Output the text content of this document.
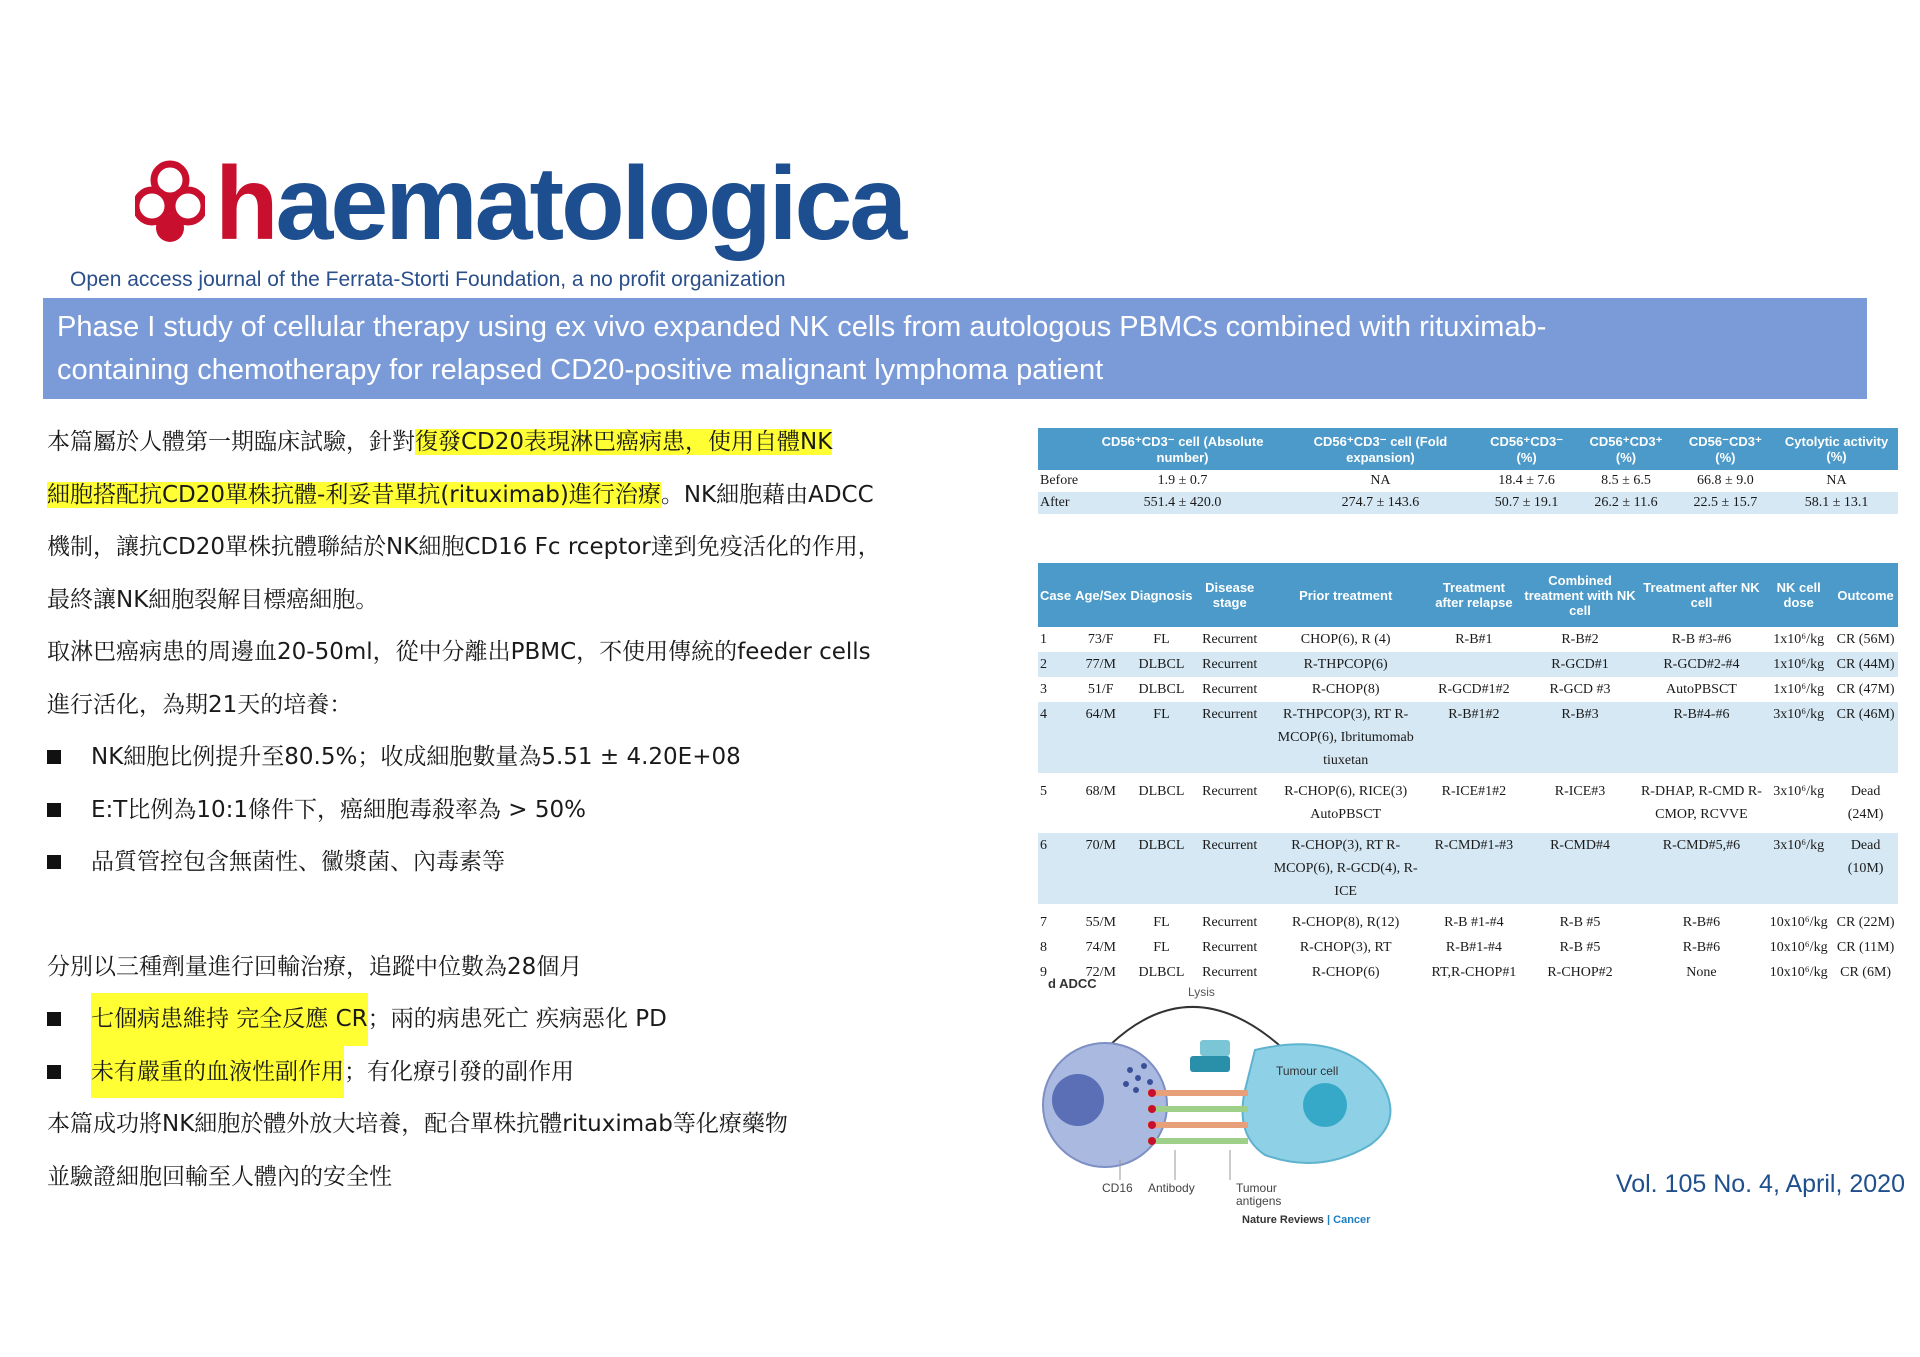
haematologica
Open access journal of the Ferrata-Storti Foundation, a no profit organization
Phase I study of cellular therapy using ex vivo expanded NK cells from autologous PBMCs combined with rituximab-
containing chemotherapy for relapsed CD20-positive malignant lymphoma patient

本篇屬於人體第一期臨床試驗，針對復發CD20表現淋巴癌病患，使用自體NK

細胞搭配抗CD20單株抗體-利妥昔單抗(rituximab)進行治療。NK細胞藉由ADCC

機制，讓抗CD20單株抗體聯結於NK細胞CD16 Fc rceptor達到免疫活化的作用，

最終讓NK細胞裂解目標癌細胞。

取淋巴癌病患的周邊血20-50ml，從中分離出PBMC，不使用傳統的feeder cells

進行活化，為期21天的培養：

NK細胞比例提升至80.5%；收成細胞數量為5.51 ± 4.20E+08

E:T比例為10:1條件下，癌細胞毒殺率為 > 50%

品質管控包含無菌性、黴漿菌、內毒素等

分別以三種劑量進行回輸治療，追蹤中位數為28個月

七個病患維持 完全反應 CR ；兩的病患死亡 疾病惡化 PD

未有嚴重的血液性副作用 ；有化療引發的副作用

本篇成功將NK細胞於體外放大培養，配合單株抗體rituximab等化療藥物

並驗證細胞回輸至人體內的安全性

	CD56⁺CD3⁻ cell (Absolute number)	CD56⁺CD3⁻ cell (Fold expansion)	CD56⁺CD3⁻ (%)	CD56⁺CD3⁺ (%)	CD56⁻CD3⁺ (%)	Cytolytic activity (%)
Before	1.9 ± 0.7	NA	18.4 ± 7.6	8.5 ± 6.5	66.8 ± 9.0	NA
After	551.4 ± 420.0	274.7 ± 143.6	50.7 ± 19.1	26.2 ± 11.6	22.5 ± 15.7	58.1 ± 13.1
Case	Age/Sex	Diagnosis	Disease stage	Prior treatment	Treatment after relapse	Combined treatment with NK cell	Treatment after NK cell	NK cell dose	Outcome
1	73/F	FL	Recurrent	CHOP(6), R (4)	R-B#1	R-B#2	R-B #3-#6	1x10⁶/kg	CR (56M)
2	77/M	DLBCL	Recurrent	R-THPCOP(6)		R-GCD#1	R-GCD#2-#4	1x10⁶/kg	CR (44M)
3	51/F	DLBCL	Recurrent	R-CHOP(8)	R-GCD#1#2	R-GCD #3	AutoPBSCT	1x10⁶/kg	CR (47M)
4	64/M	FL	Recurrent	R-THPCOP(3), RT R-MCOP(6), Ibritumomab tiuxetan	R-B#1#2	R-B#3	R-B#4-#6	3x10⁶/kg	CR (46M)
5	68/M	DLBCL	Recurrent	R-CHOP(6), RICE(3) AutoPBSCT	R-ICE#1#2	R-ICE#3	R-DHAP, R-CMD R-CMOP, RCVVE	3x10⁶/kg	Dead (24M)
6	70/M	DLBCL	Recurrent	R-CHOP(3), RT R-MCOP(6), R-GCD(4), R-ICE	R-CMD#1-#3	R-CMD#4	R-CMD#5,#6	3x10⁶/kg	Dead (10M)
7	55/M	FL	Recurrent	R-CHOP(8), R(12)	R-B #1-#4	R-B #5	R-B#6	10x10⁶/kg	CR (22M)
8	74/M	FL	Recurrent	R-CHOP(3), RT	R-B#1-#4	R-B #5	R-B#6	10x10⁶/kg	CR (11M)
9	72/M	DLBCL	Recurrent	R-CHOP(6)	RT,R-CHOP#1	R-CHOP#2	None	10x10⁶/kg	CR (6M)
d ADCC
Lysis
Tumour cell
CD16 Antibody	Tumour
antigens
Nature Reviews | Cancer
Vol. 105 No. 4, April, 2020
